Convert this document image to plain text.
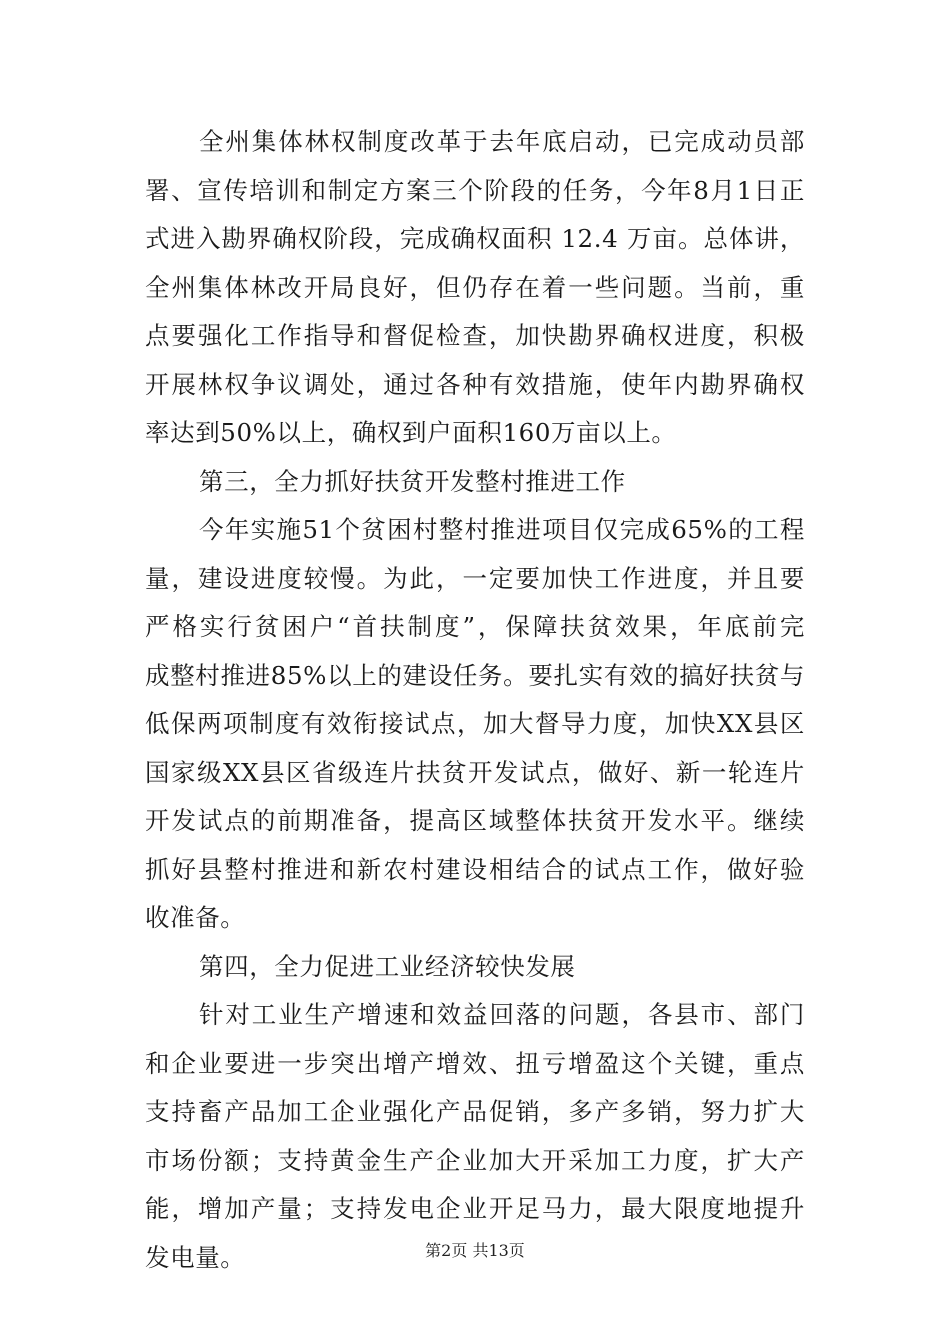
全州集体林权制度改革于去年底启动，已完成动员部
署、宣传培训和制定方案三个阶段的任务，今年8月1日正
式进入勘界确权阶段，完成确权面积 12.4 万亩。总体讲，
全州集体林改开局良好，但仍存在着一些问题。当前，重
点要强化工作指导和督促检查，加快勘界确权进度，积极
开展林权争议调处，通过各种有效措施，使年内勘界确权
率达到50%以上，确权到户面积160万亩以上。
第三，全力抓好扶贫开发整村推进工作
今年实施51个贫困村整村推进项目仅完成65%的工程
量，建设进度较慢。为此，一定要加快工作进度，并且要
严格实行贫困户“首扶制度”，保障扶贫效果，年底前完
成整村推进85%以上的建设任务。要扎实有效的搞好扶贫与
低保两项制度有效衔接试点，加大督导力度，加快XX县区
国家级XX县区省级连片扶贫开发试点，做好、新一轮连片
开发试点的前期准备，提高区域整体扶贫开发水平。继续
抓好县整村推进和新农村建设相结合的试点工作，做好验
收准备。
第四，全力促进工业经济较快发展
针对工业生产增速和效益回落的问题，各县市、部门
和企业要进一步突出增产增效、扭亏增盈这个关键，重点
支持畜产品加工企业强化产品促销，多产多销，努力扩大
市场份额；支持黄金生产企业加大开采加工力度，扩大产
能，增加产量；支持发电企业开足马力，最大限度地提升
发电量。	第2页 共13页
